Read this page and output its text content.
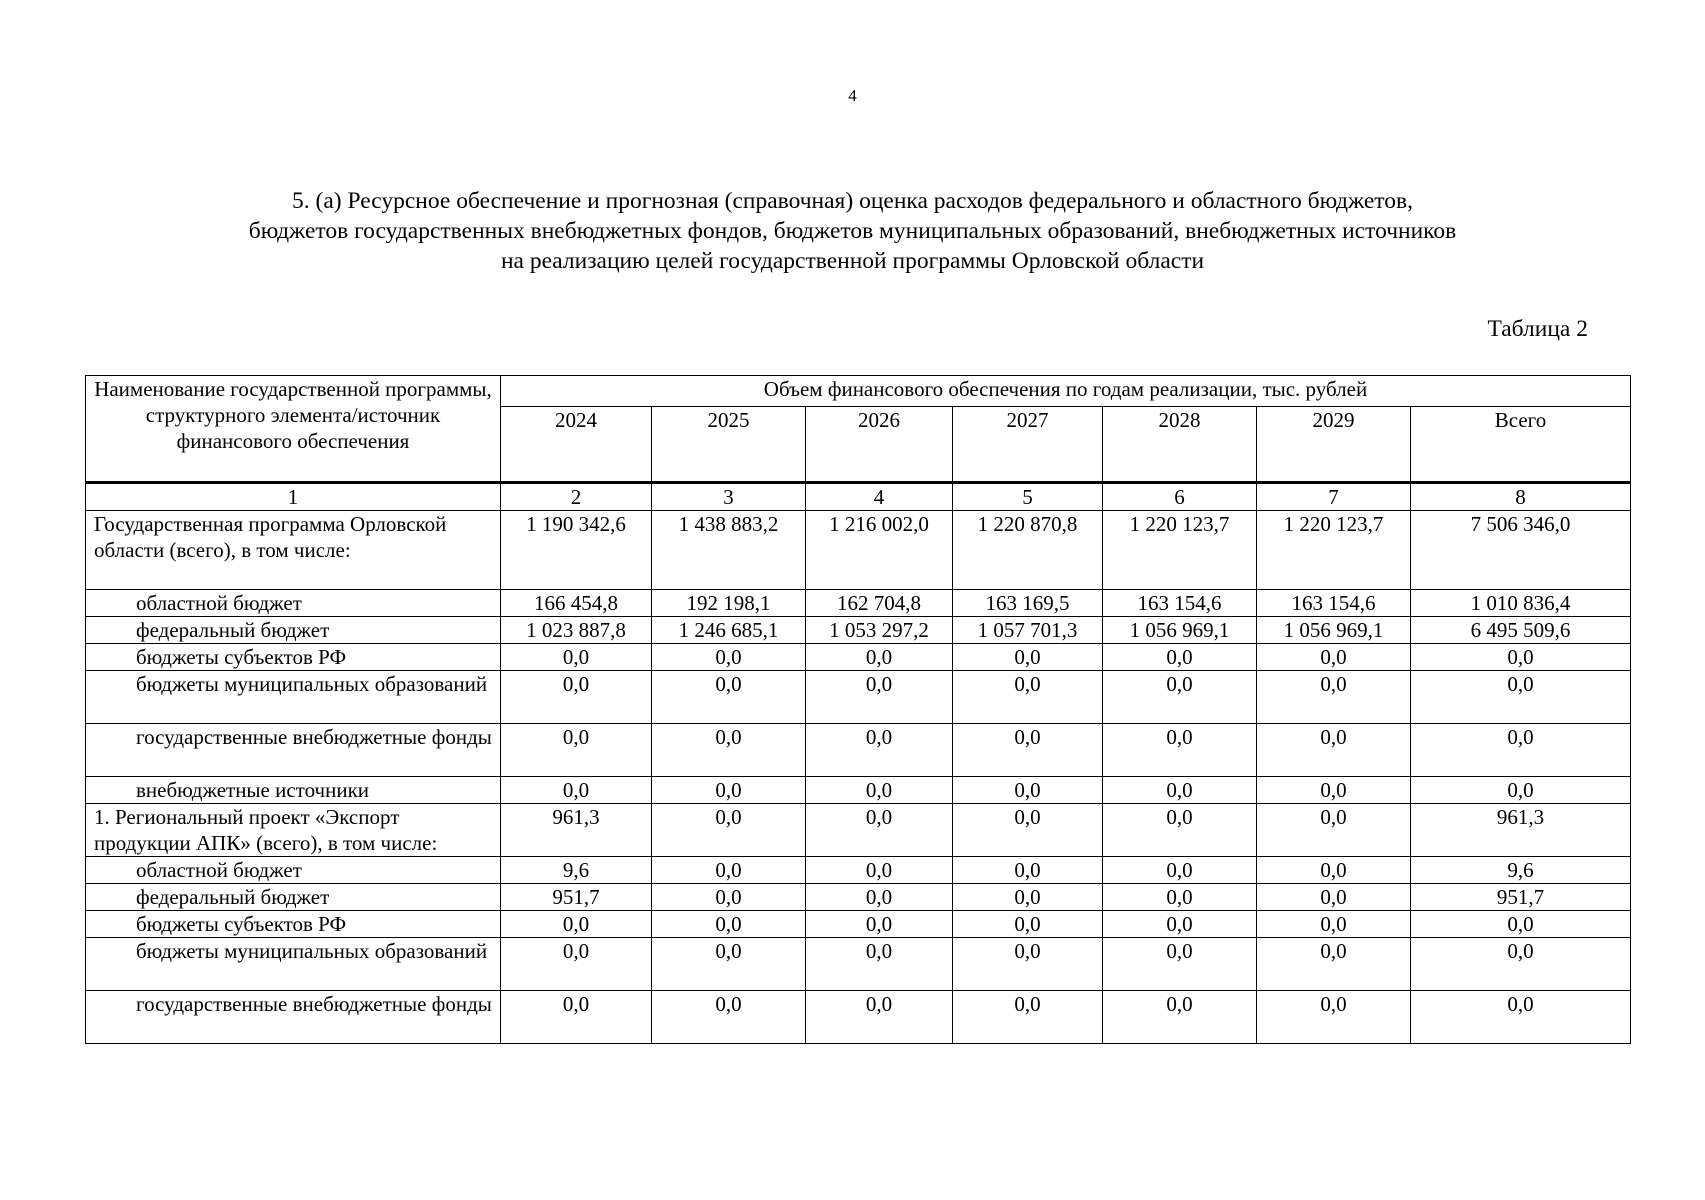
4
5. (а) Ресурсное обеспечение и прогнозная (справочная) оценка расходов федерального и областного бюджетов,
бюджетов государственных внебюджетных фондов, бюджетов муниципальных образований, внебюджетных источников
на реализацию целей государственной программы Орловской области
Таблица 2
Наименование государственной программы, структурного элемента/источник финансового обеспечения	Объем финансового обеспечения по годам реализации, тыс. рублей						
	2024	2025	2026	2027	2028	2029	Всего
1	2	3	4	5	6	7	8
Государственная программа Орловской области (всего), в том числе:	1 190 342,6	1 438 883,2	1 216 002,0	1 220 870,8	1 220 123,7	1 220 123,7	7 506 346,0
областной бюджет	166 454,8	192 198,1	162 704,8	163 169,5	163 154,6	163 154,6	1 010 836,4
федеральный бюджет	1 023 887,8	1 246 685,1	1 053 297,2	1 057 701,3	1 056 969,1	1 056 969,1	6 495 509,6
бюджеты субъектов РФ	0,0	0,0	0,0	0,0	0,0	0,0	0,0
бюджеты муниципальных образований	0,0	0,0	0,0	0,0	0,0	0,0	0,0
государственные внебюджетные фонды	0,0	0,0	0,0	0,0	0,0	0,0	0,0
внебюджетные источники	0,0	0,0	0,0	0,0	0,0	0,0	0,0
1. Региональный проект «Экспорт продукции АПК» (всего), в том числе:	961,3	0,0	0,0	0,0	0,0	0,0	961,3
областной бюджет	9,6	0,0	0,0	0,0	0,0	0,0	9,6
федеральный бюджет	951,7	0,0	0,0	0,0	0,0	0,0	951,7
бюджеты субъектов РФ	0,0	0,0	0,0	0,0	0,0	0,0	0,0
бюджеты муниципальных образований	0,0	0,0	0,0	0,0	0,0	0,0	0,0
государственные внебюджетные фонды	0,0	0,0	0,0	0,0	0,0	0,0	0,0
